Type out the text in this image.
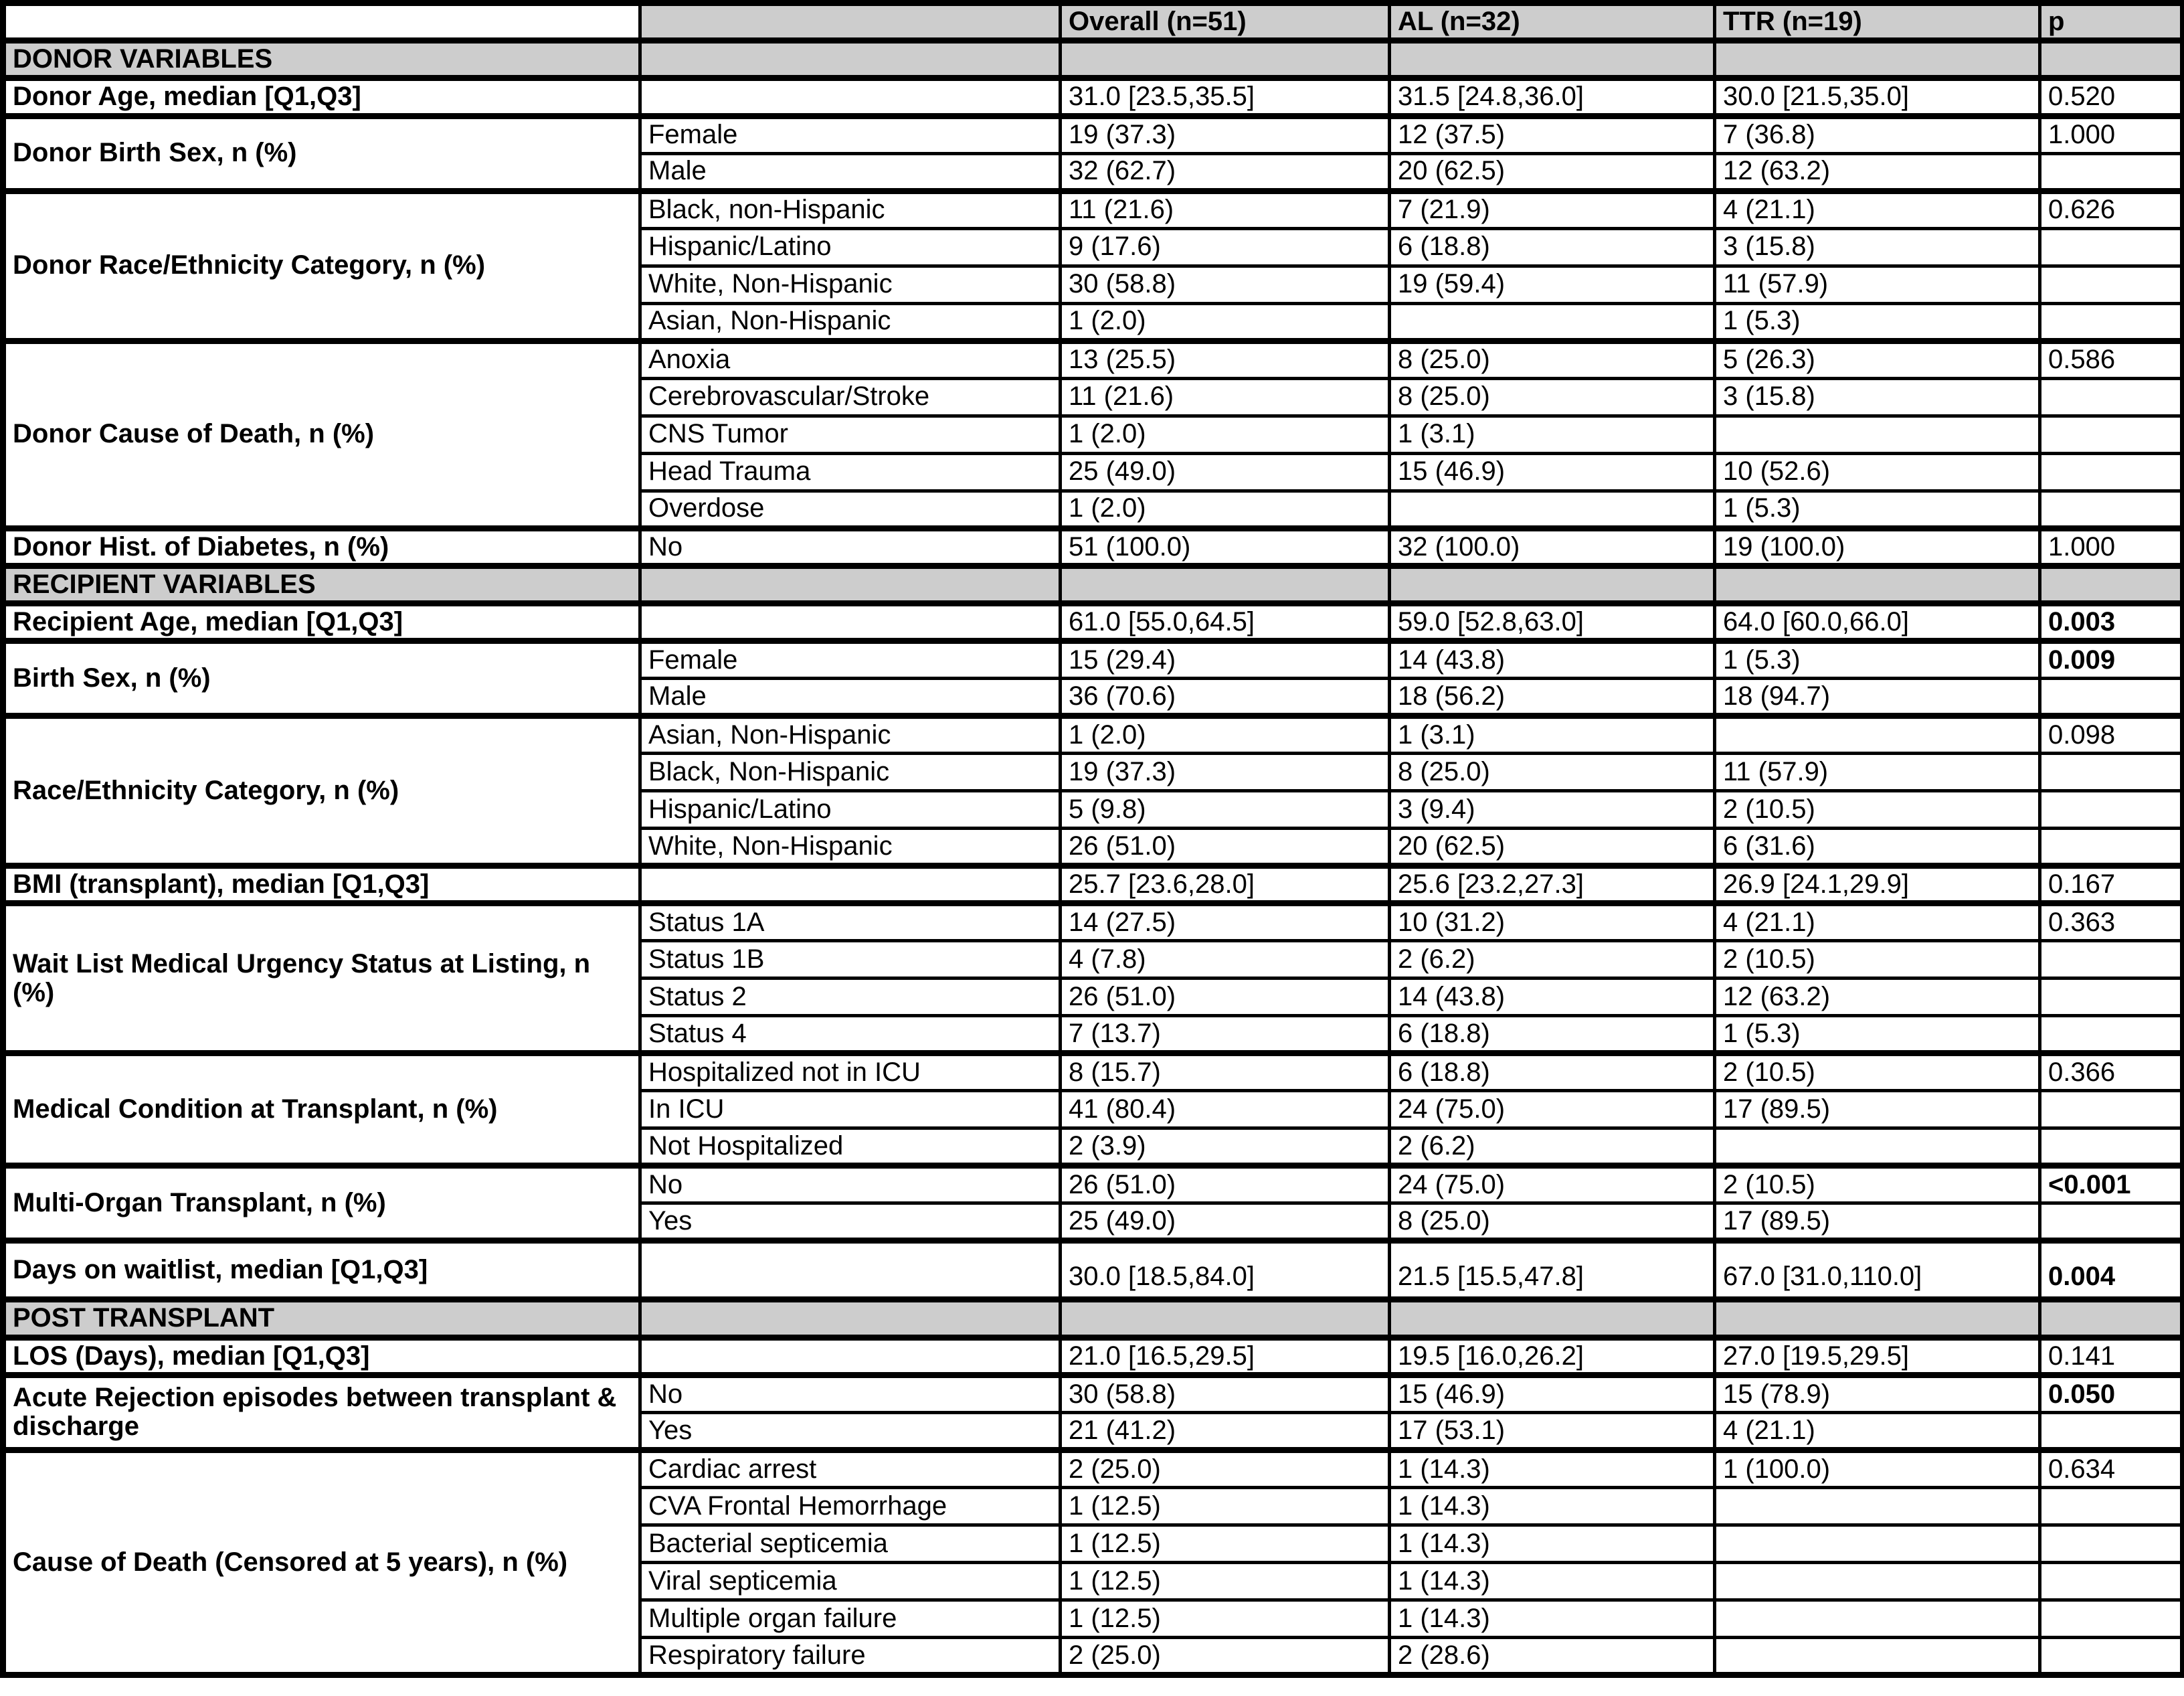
		Overall (n=51)	AL (n=32)	TTR (n=19)	p
DONOR VARIABLES					
Donor Age, median [Q1,Q3]		31.0 [23.5,35.5]	31.5 [24.8,36.0]	30.0 [21.5,35.0]	0.520
Donor Birth Sex, n (%)	Female	19 (37.3)	12 (37.5)	7 (36.8)	1.000
	Male	32 (62.7)	20 (62.5)	12 (63.2)	
Donor Race/Ethnicity Category, n (%)	Black, non-Hispanic	11 (21.6)	7 (21.9)	4 (21.1)	0.626
	Hispanic/Latino	9 (17.6)	6 (18.8)	3 (15.8)	
	White, Non-Hispanic	30 (58.8)	19 (59.4)	11 (57.9)	
	Asian, Non-Hispanic	1 (2.0)		1 (5.3)	
Donor Cause of Death, n (%)	Anoxia	13 (25.5)	8 (25.0)	5 (26.3)	0.586
	Cerebrovascular/Stroke	11 (21.6)	8 (25.0)	3 (15.8)	
	CNS Tumor	1 (2.0)	1 (3.1)		
	Head Trauma	25 (49.0)	15 (46.9)	10 (52.6)	
	Overdose	1 (2.0)		1 (5.3)	
Donor Hist. of Diabetes, n (%)	No	51 (100.0)	32 (100.0)	19 (100.0)	1.000
RECIPIENT VARIABLES					
Recipient Age, median [Q1,Q3]		61.0 [55.0,64.5]	59.0 [52.8,63.0]	64.0 [60.0,66.0]	0.003
Birth Sex, n (%)	Female	15 (29.4)	14 (43.8)	1 (5.3)	0.009
	Male	36 (70.6)	18 (56.2)	18 (94.7)	
Race/Ethnicity Category, n (%)	Asian, Non-Hispanic	1 (2.0)	1 (3.1)		0.098
	Black, Non-Hispanic	19 (37.3)	8 (25.0)	11 (57.9)	
	Hispanic/Latino	5 (9.8)	3 (9.4)	2 (10.5)	
	White, Non-Hispanic	26 (51.0)	20 (62.5)	6 (31.6)	
BMI (transplant), median [Q1,Q3]		25.7 [23.6,28.0]	25.6 [23.2,27.3]	26.9 [24.1,29.9]	0.167
Wait List Medical Urgency Status at Listing, n (%)	Status 1A	14 (27.5)	10 (31.2)	4 (21.1)	0.363
	Status 1B	4 (7.8)	2 (6.2)	2 (10.5)	
	Status 2	26 (51.0)	14 (43.8)	12 (63.2)	
	Status 4	7 (13.7)	6 (18.8)	1 (5.3)	
Medical Condition at Transplant, n (%)	Hospitalized not in ICU	8 (15.7)	6 (18.8)	2 (10.5)	0.366
	In ICU	41 (80.4)	24 (75.0)	17 (89.5)	
	Not Hospitalized	2 (3.9)	2 (6.2)		
Multi-Organ Transplant, n (%)	No	26 (51.0)	24 (75.0)	2 (10.5)	<0.001
	Yes	25 (49.0)	8 (25.0)	17 (89.5)	
Days on waitlist, median [Q1,Q3]		30.0 [18.5,84.0]	21.5 [15.5,47.8]	67.0 [31.0,110.0]	0.004
POST TRANSPLANT					
LOS (Days), median [Q1,Q3]		21.0 [16.5,29.5]	19.5 [16.0,26.2]	27.0 [19.5,29.5]	0.141
Acute Rejection episodes between transplant & discharge	No	30 (58.8)	15 (46.9)	15 (78.9)	0.050
	Yes	21 (41.2)	17 (53.1)	4 (21.1)	
Cause of Death (Censored at 5 years), n (%)	Cardiac arrest	2 (25.0)	1 (14.3)	1 (100.0)	0.634
	CVA Frontal Hemorrhage	1 (12.5)	1 (14.3)		
	Bacterial septicemia	1 (12.5)	1 (14.3)		
	Viral septicemia	1 (12.5)	1 (14.3)		
	Multiple organ failure	1 (12.5)	1 (14.3)		
	Respiratory failure	2 (25.0)	2 (28.6)		
